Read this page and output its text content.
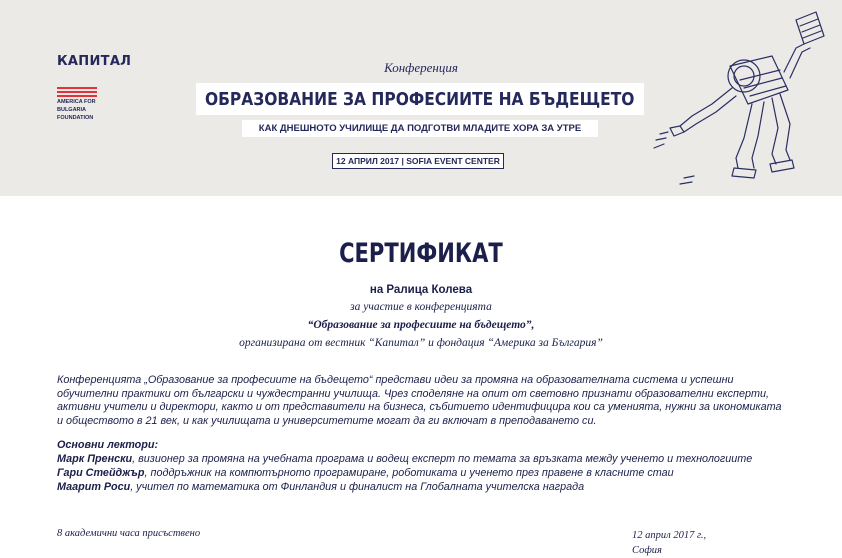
КАПИТАЛ
AMERICA FOR
BULGARIA
FOUNDATION
Конференция
ОБРАЗОВАНИЕ ЗА ПРОФЕСИИТЕ НА БЪДЕЩЕТО
КАК ДНЕШНОТО УЧИЛИЩЕ ДА ПОДГОТВИ МЛАДИТЕ ХОРА ЗА УТРЕ
12 АПРИЛ 2017 | SOFIA EVENT CENTER
СЕРТИФИКАТ
на Ралица Колева
за участие в конференцията
“Образование за професиите на бъдещето”,
организирана от вестник “Капитал” и фондация “Америка за България”
Конференцията „Образование за професиите на бъдещето“ представи идеи за промяна на образователната система и успешни обучителни практики от български и чуждестранни училища. Чрез споделяне на опит от световно признати образователни експерти, активни учители и директори, както и от представители на бизнеса, събитието идентифицира кои са уменията, нужни за икономиката и обществото в 21 век, и как училищата и университетите могат да ги включат в преподаването си.
Основни лектори:
Марк Пренски, визионер за промяна на учебната програма и водещ експерт по темата за връзката между ученето и технологиите
Гари Стейджър, поддръжник на компютърното програмиране, роботиката и ученето през правене в класните стаи
Маарит Роси, учител по математика от Финландия и финалист на Глобалната учителска награда
8 академични часа присъствено	12 април 2017 г.,
София
